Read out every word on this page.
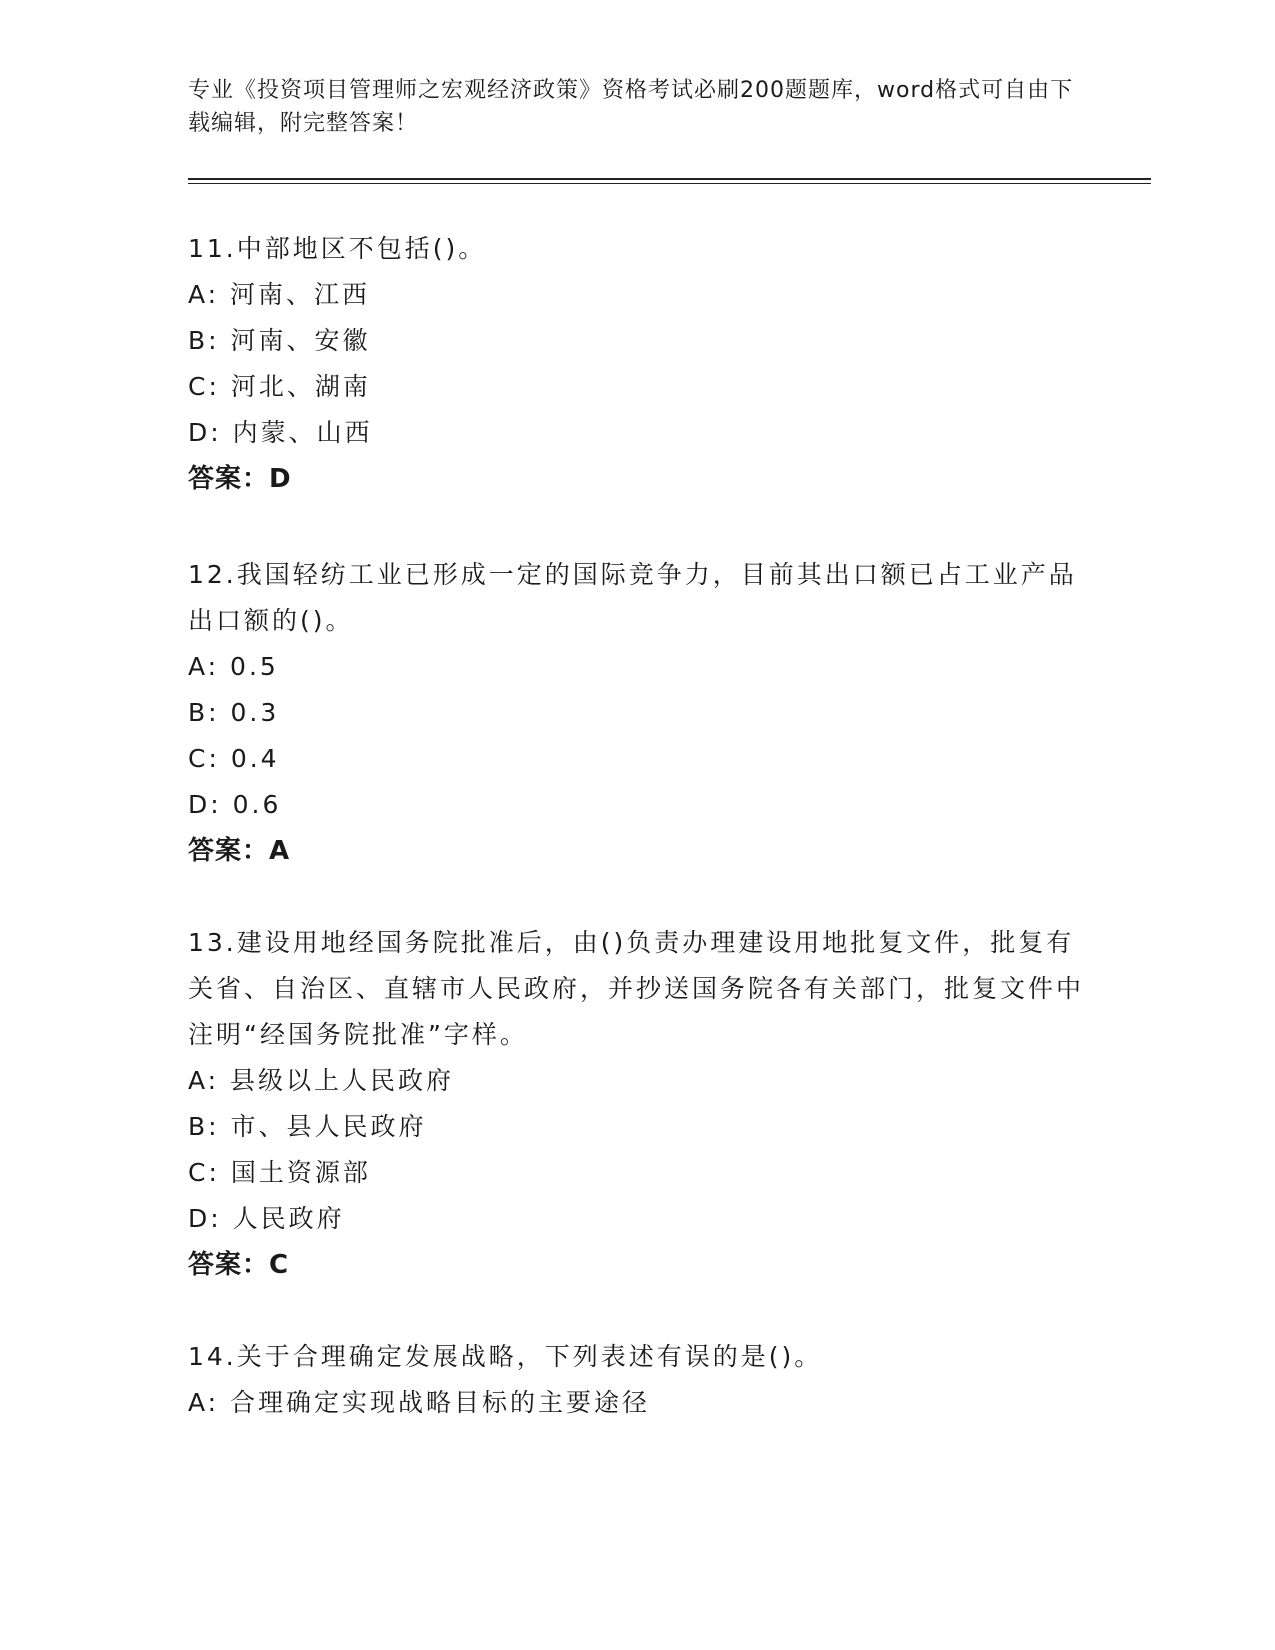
专业《投资项目管理师之宏观经济政策》资格考试必刷200题题库，word格式可自由下载编辑，附完整答案！

11.中部地区不包括()。

A: 河南、江西

B: 河南、安徽

C: 河北、湖南

D: 内蒙、山西

答案：D

12.我国轻纺工业已形成一定的国际竞争力，目前其出口额已占工业产品出口额的()。

A: 0.5

B: 0.3

C: 0.4

D: 0.6

答案：A

13.建设用地经国务院批准后，由()负责办理建设用地批复文件，批复有关省、自治区、直辖市人民政府，并抄送国务院各有关部门，批复文件中注明“经国务院批准”字样。

A: 县级以上人民政府

B: 市、县人民政府

C: 国土资源部

D: 人民政府

答案：C

14.关于合理确定发展战略，下列表述有误的是()。

A: 合理确定实现战略目标的主要途径
